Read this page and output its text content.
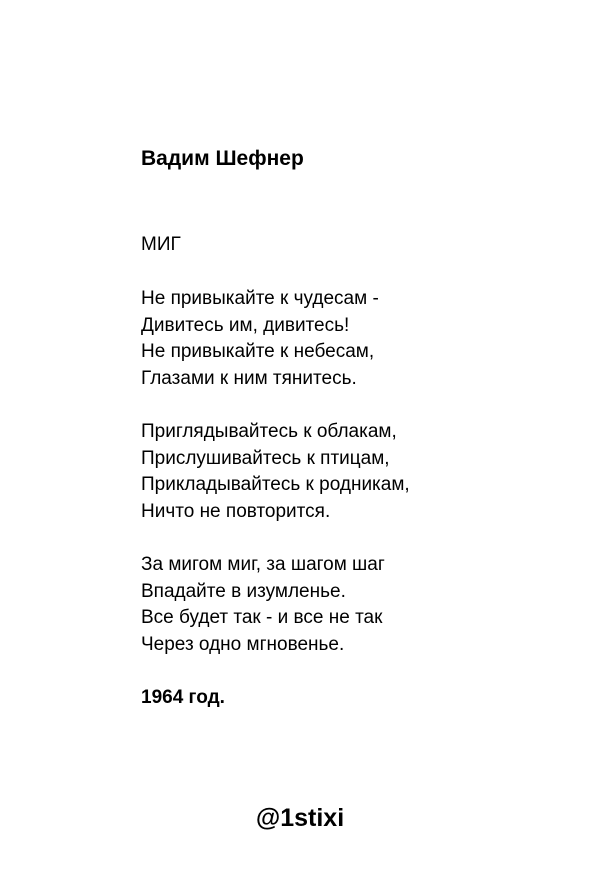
Вадим Шефнер
МИГ
Не привыкайте к чудесам -
Дивитесь им, дивитесь!
Не привыкайте к небесам,
Глазами к ним тянитесь.
Приглядывайтесь к облакам,
Прислушивайтесь к птицам,
Прикладывайтесь к родникам,
Ничто не повторится.
За мигом миг, за шагом шаг
Впадайте в изумленье.
Все будет так - и все не так
Через одно мгновенье.
1964 год.
@1stixi
